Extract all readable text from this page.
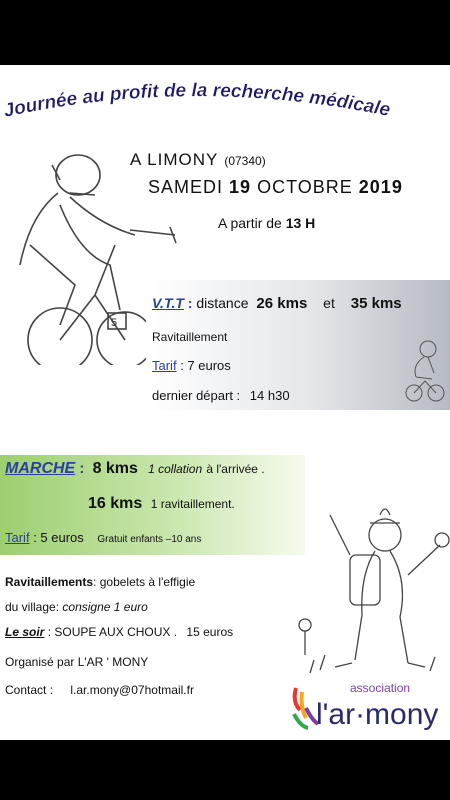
Journée au profit de la recherche médicale
5
A LIMONY (07340)
SAMEDI 19 OCTOBRE 2019
A partir de 13 H
V.T.T : distance 26 kms et 35 kms
Ravitaillement
Tarif : 7 euros
dernier départ : 14 h30
MARCHE : 8 kms 1 collation à l'arrivée .
16 kms 1 ravitaillement.
Tarif : 5 euros Gratuit enfants –10 ans
Ravitaillements: gobelets à l'effigie
du village: consigne 1 euro
Le soir : SOUPE AUX CHOUX . 15 euros
Organisé par L'AR ' MONY
Contact : l.ar.mony@07hotmail.fr	association
l'ar·mony
